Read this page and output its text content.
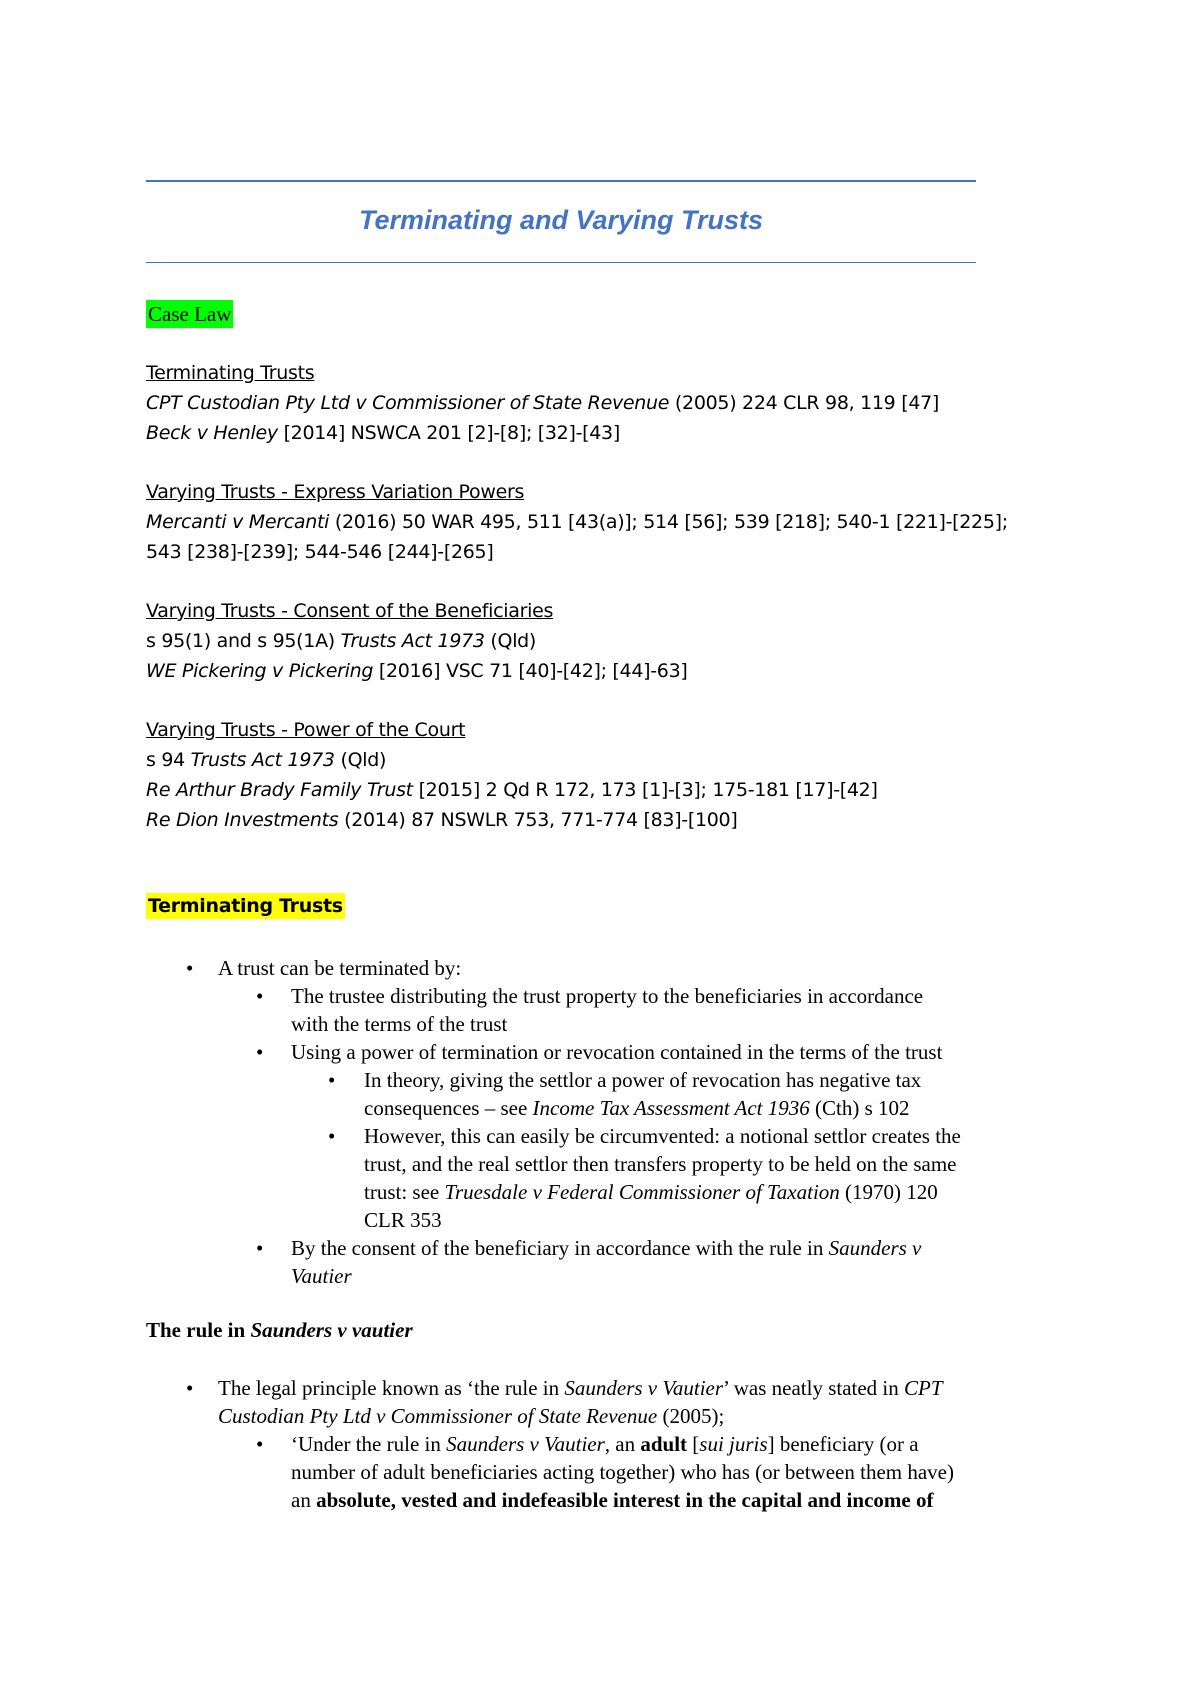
Terminating and Varying Trusts
Case Law
Terminating Trusts
CPT Custodian Pty Ltd v Commissioner of State Revenue (2005) 224 CLR 98, 119 [47]
Beck v Henley [2014] NSWCA 201 [2]-[8]; [32]-[43]
Varying Trusts - Express Variation Powers
Mercanti v Mercanti (2016) 50 WAR 495, 511 [43(a)]; 514 [56]; 539 [218]; 540-1 [221]-[225];
543 [238]-[239]; 544-546 [244]-[265]
Varying Trusts - Consent of the Beneficiaries
s 95(1) and s 95(1A) Trusts Act 1973 (Qld)
WE Pickering v Pickering [2016] VSC 71 [40]-[42]; [44]-63]
Varying Trusts - Power of the Court
s 94 Trusts Act 1973 (Qld)
Re Arthur Brady Family Trust [2015] 2 Qd R 172, 173 [1]-[3]; 175-181 [17]-[42]
Re Dion Investments (2014) 87 NSWLR 753, 771-774 [83]-[100]
Terminating Trusts
• A trust can be terminated by:
• The trustee distributing the trust property to the beneficiaries in accordance
with the terms of the trust
• Using a power of termination or revocation contained in the terms of the trust
• In theory, giving the settlor a power of revocation has negative tax
consequences – see Income Tax Assessment Act 1936 (Cth) s 102
• However, this can easily be circumvented: a notional settlor creates the
trust, and the real settlor then transfers property to be held on the same
trust: see Truesdale v Federal Commissioner of Taxation (1970) 120
CLR 353
• By the consent of the beneficiary in accordance with the rule in Saunders v
Vautier
The rule in Saunders v vautier
• The legal principle known as ‘the rule in Saunders v Vautier’ was neatly stated in CPT
Custodian Pty Ltd v Commissioner of State Revenue (2005);
• ‘Under the rule in Saunders v Vautier, an adult [sui juris] beneficiary (or a
number of adult beneficiaries acting together) who has (or between them have)
an absolute, vested and indefeasible interest in the capital and income of
